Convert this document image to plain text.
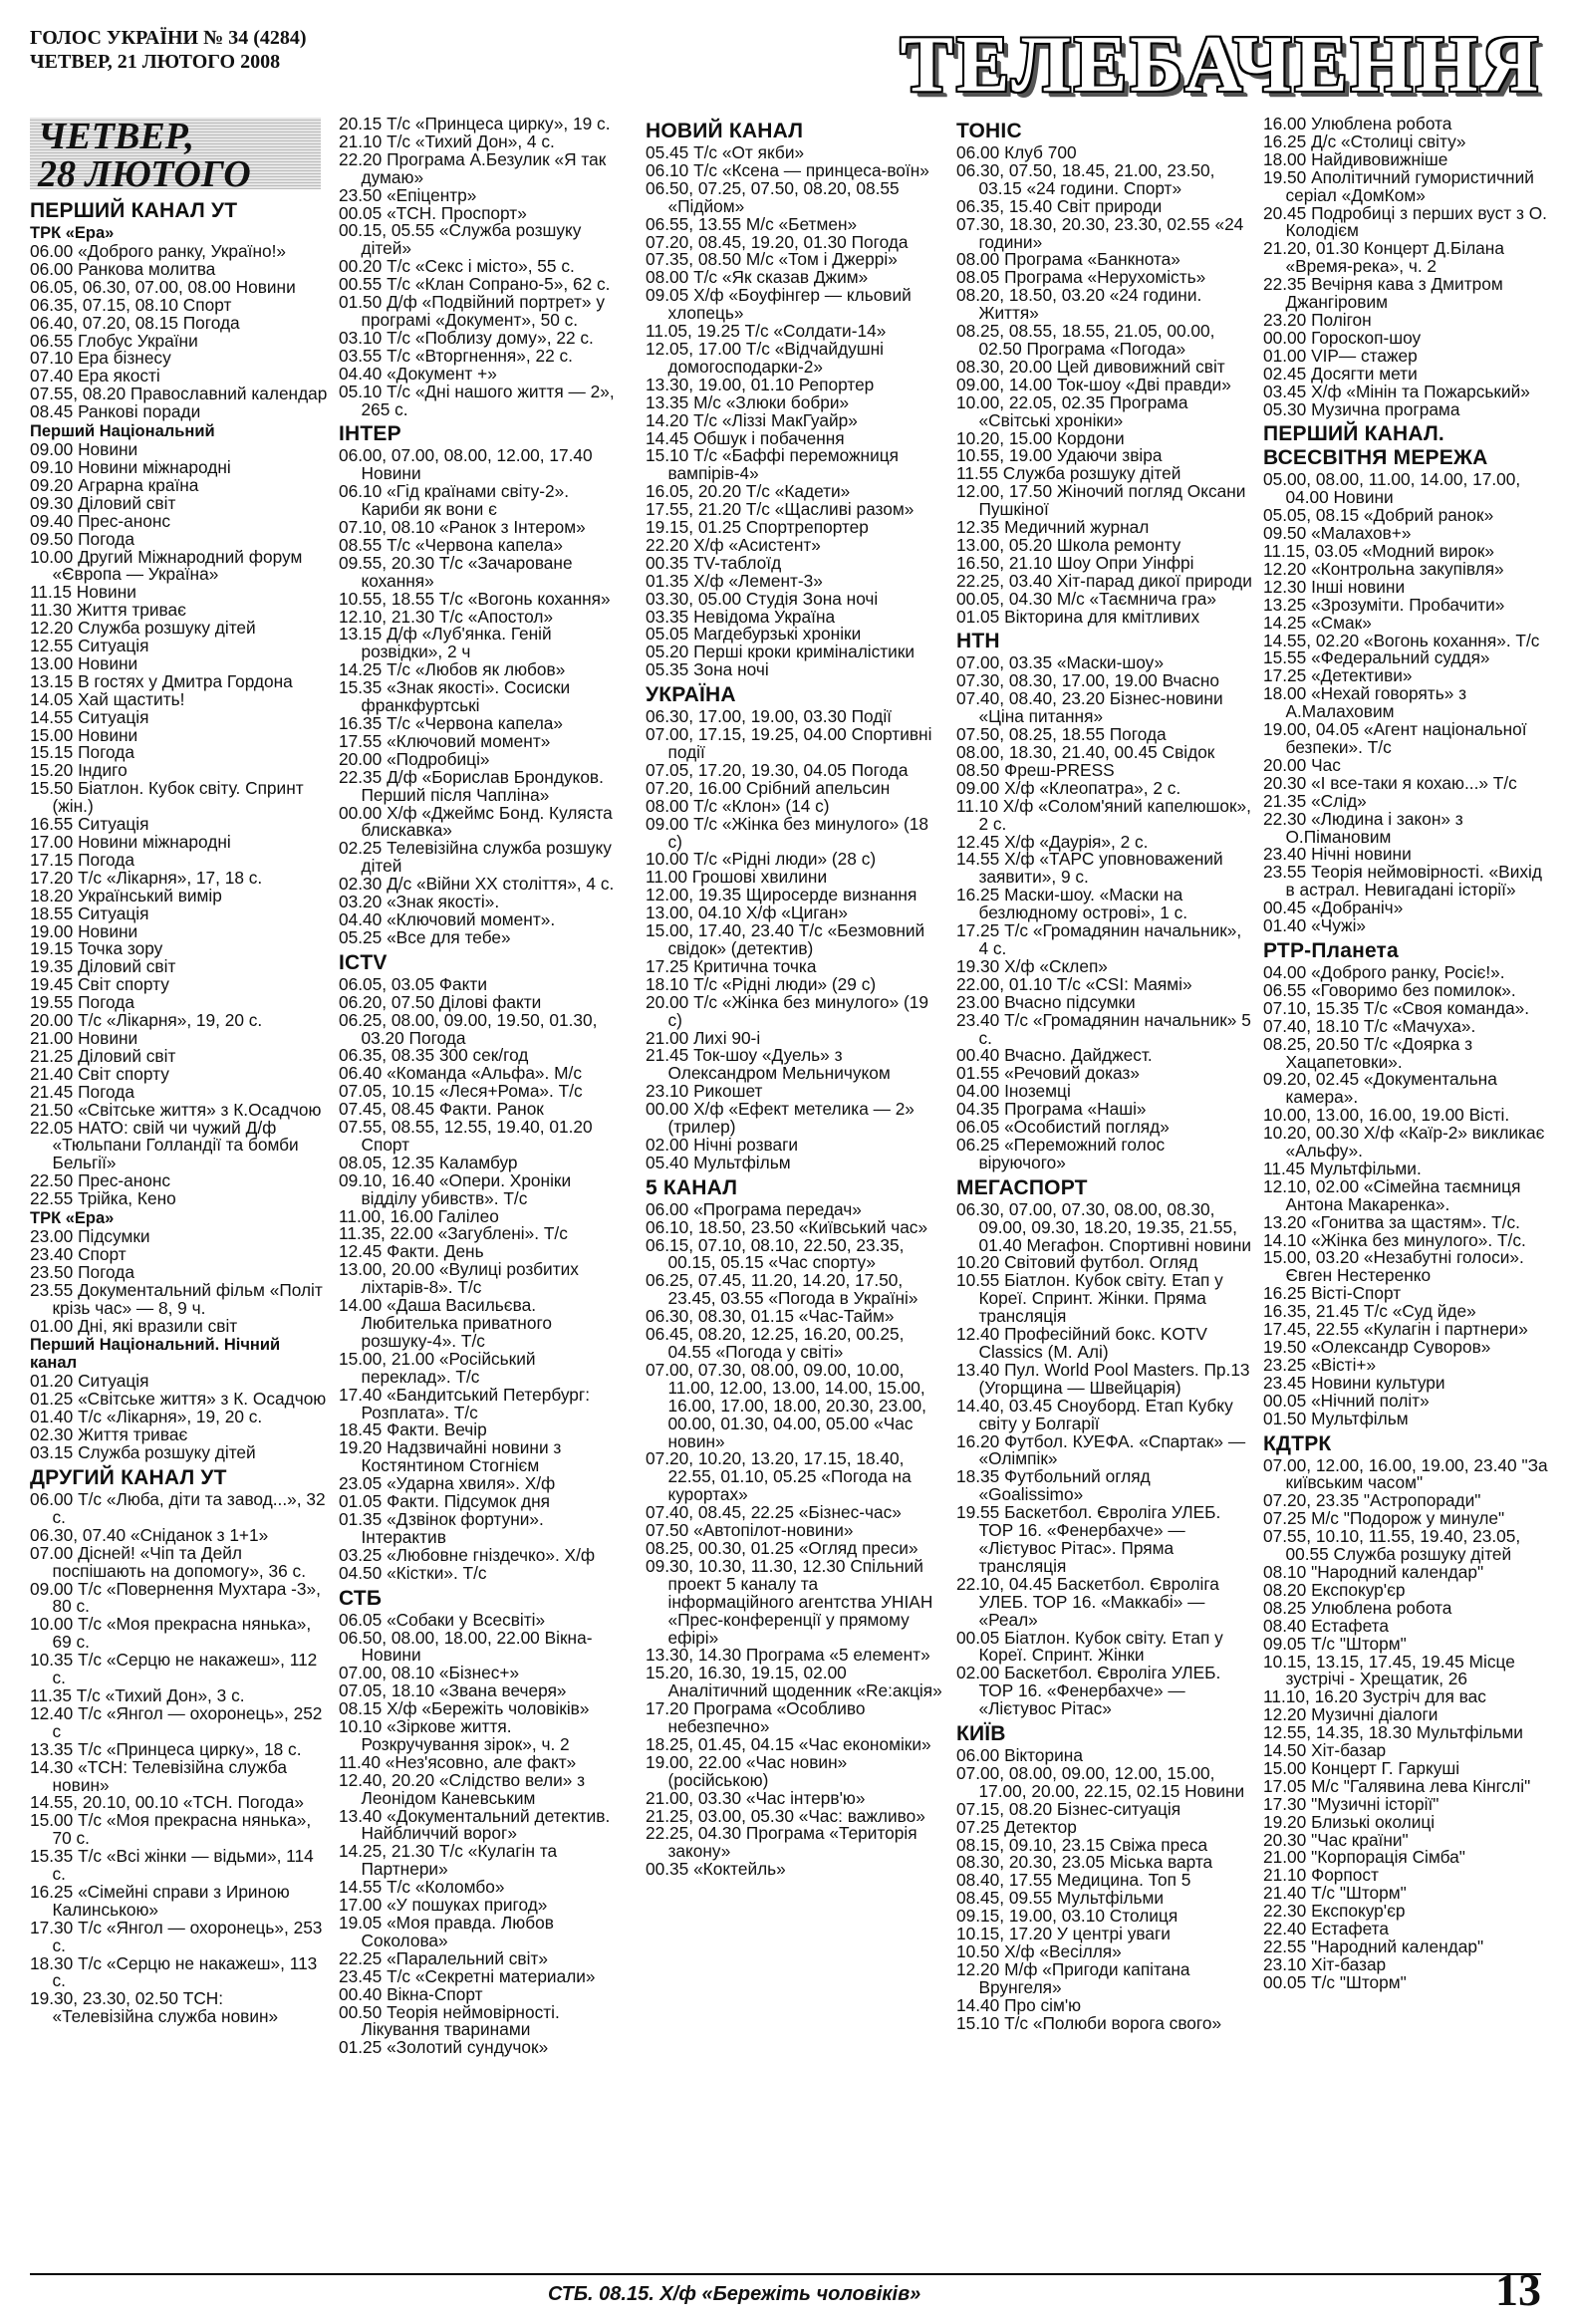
ГОЛОС УКРАЇНИ № 34 (4284)
ЧЕТВЕР, 21 ЛЮТОГО 2008	ТЕЛЕБАЧЕННЯ
ЧЕТВЕР,
28 ЛЮТОГО
ПЕРШИЙ КАНАЛ УТ
ТРК «Ера»
06.00 «Доброго ранку, Україно!»
06.00 Ранкова молитва
06.05, 06.30, 07.00, 08.00 Новини
06.35, 07.15, 08.10 Спорт
06.40, 07.20, 08.15 Погода
06.55 Глобус України
07.10 Ера бізнесу
07.40 Ера якості
07.55, 08.20 Православний календар
08.45 Ранкові поради
Перший Національний
09.00 Новини
09.10 Новини міжнародні
09.20 Аграрна країна
09.30 Діловий світ
09.40 Прес-анонс
09.50 Погода
10.00 Другий Міжнародний форум «Європа — Україна»
11.15 Новини
11.30 Життя триває
12.20 Служба розшуку дітей
12.55 Ситуація
13.00 Новини
13.15 В гостях у Дмитра Гордона
14.05 Хай щастить!
14.55 Ситуація
15.00 Новини
15.15 Погода
15.20 Індиго
15.50 Біатлон. Кубок світу. Спринт (жін.)
16.55 Ситуація
17.00 Новини міжнародні
17.15 Погода
17.20 Т/с «Лікарня», 17, 18 с.
18.20 Український вимір
18.55 Ситуація
19.00 Новини
19.15 Точка зору
19.35 Діловий світ
19.45 Світ спорту
19.55 Погода
20.00 Т/с «Лікарня», 19, 20 с.
21.00 Новини
21.25 Діловий світ
21.40 Світ спорту
21.45 Погода
21.50 «Світське життя» з К.Осадчою
22.05 НАТО: свій чи чужий Д/ф «Тюльпани Голландії та бомби Бельгії»
22.50 Прес-анонс
22.55 Трійка, Кено
ТРК «Ера»
23.00 Підсумки
23.40 Спорт
23.50 Погода
23.55 Документальний фільм «Політ крізь час» — 8, 9 ч.
01.00 Дні, які вразили світ
Перший Національний. Нічний канал
01.20 Ситуація
01.25 «Світське життя» з К. Осадчою
01.40 Т/с «Лікарня», 19, 20 с.
02.30 Життя триває
03.15 Служба розшуку дітей
ДРУГИЙ КАНАЛ УТ
06.00 Т/с «Люба, діти та завод...», 32 с.
06.30, 07.40 «Сніданок з 1+1»
07.00 Дісней! «Чіп та Дейл поспішають на допомогу», 36 с.
09.00 Т/с «Повернення Мухтара -3», 80 с.
10.00 Т/с «Моя прекрасна нянька», 69 с.
10.35 Т/с «Серцю не накажеш», 112 с.
11.35 Т/с «Тихий Дон», 3 с.
12.40 Т/с «Янгол — охоронець», 252 с
13.35 Т/с «Принцеса цирку», 18 с.
14.30 «ТСН: Телевізійна служба новин»
14.55, 20.10, 00.10 «ТСН. Погода»
15.00 Т/с «Моя прекрасна нянька», 70 с.
15.35 Т/с «Всі жінки — відьми», 114 с.
16.25 «Сімейні справи з Ириною Калинською»
17.30 Т/с «Янгол — охоронець», 253 с.
18.30 Т/с «Серцю не накажеш», 113 с.
19.30, 23.30, 02.50 ТСН: «Телевізійна служба новин»
20.15 Т/с «Принцеса цирку», 19 с.
21.10 Т/с «Тихий Дон», 4 с.
22.20 Програма А.Безулик «Я так думаю»
23.50 «Епіцентр»
00.05 «ТСН. Проспорт»
00.15, 05.55 «Служба розшуку дітей»
00.20 Т/с «Секс і місто», 55 с.
00.55 Т/с «Клан Сопрано-5», 62 с.
01.50 Д/ф «Подвійний портрет» у програмі «Документ», 50 с.
03.10 Т/с «Поблизу дому», 22 с.
03.55 Т/с «Вторгнення», 22 с.
04.40 «Документ +»
05.10 Т/с «Дні нашого життя — 2», 265 с.
ІНТЕР
06.00, 07.00, 08.00, 12.00, 17.40 Новини
06.10 «Гід країнами світу-2». Кариби як вони є
07.10, 08.10 «Ранок з Інтером»
08.55 Т/с «Червона капела»
09.55, 20.30 Т/с «Зачароване кохання»
10.55, 18.55 Т/с «Вогонь кохання»
12.10, 21.30 Т/с «Апостол»
13.15 Д/ф «Луб'янка. Геній розвідки», 2 ч
14.25 Т/с «Любов як любов»
15.35 «Знак якості». Сосиски франкфуртські
16.35 Т/с «Червона капела»
17.55 «Ключовий момент»
20.00 «Подробиці»
22.35 Д/ф «Борислав Брондуков. Перший після Чапліна»
00.00 Х/ф «Джеймс Бонд. Куляста блискавка»
02.25 Телевізійна служба розшуку дітей
02.30 Д/с «Війни ХХ століття», 4 с.
03.20 «Знак якості».
04.40 «Ключовий момент».
05.25 «Все для тебе»
ICTV
06.05, 03.05 Факти
06.20, 07.50 Ділові факти
06.25, 08.00, 09.00, 19.50, 01.30, 03.20 Погода
06.35, 08.35 300 сек/год
06.40 «Команда «Альфа». М/с
07.05, 10.15 «Леся+Рома». Т/с
07.45, 08.45 Факти. Ранок
07.55, 08.55, 12.55, 19.40, 01.20 Спорт
08.05, 12.35 Каламбур
09.10, 16.40 «Опери. Хроніки відділу убивств». Т/с
11.00, 16.00 Галілео
11.35, 22.00 «Загублені». Т/с
12.45 Факти. День
13.00, 20.00 «Вулиці розбитих ліхтарів-8». Т/с
14.00 «Даша Васильєва. Любителька приватного розшуку-4». Т/с
15.00, 21.00 «Російський переклад». Т/с
17.40 «Бандитський Петербург: Розплата». Т/с
18.45 Факти. Вечір
19.20 Надзвичайні новини з Костянтином Стогнієм
23.05 «Ударна хвиля». Х/ф
01.05 Факти. Підсумок дня
01.35 «Дзвінок фортуни». Інтерактив
03.25 «Любовне гніздечко». Х/ф
04.50 «Кістки». Т/с
СТБ
06.05 «Собаки у Всесвіті»
06.50, 08.00, 18.00, 22.00 Вікна-Новини
07.00, 08.10 «Бізнес+»
07.05, 18.10 «Звана вечеря»
08.15 Х/ф «Бережіть чоловіків»
10.10 «Зіркове життя. Розкручування зірок», ч. 2
11.40 «Нез'ясовно, але факт»
12.40, 20.20 «Слідство вели» з Леонідом Каневським
13.40 «Документальний детектив. Найбличчий ворог»
14.25, 21.30 Т/с «Кулагін та Партнери»
14.55 Т/с «Коломбо»
17.00 «У пошуках пригод»
19.05 «Моя правда. Любов Соколова»
22.25 «Паралельний світ»
23.45 Т/с «Секретні материали»
00.40 Вікна-Спорт
00.50 Теорія неймовірності. Лікування тваринами
01.25 «Золотий сундучок»
НОВИЙ КАНАЛ
05.45 Т/с «От якби»
06.10 Т/с «Ксена — принцеса-воїн»
06.50, 07.25, 07.50, 08.20, 08.55 «Підйом»
06.55, 13.55 М/с «Бетмен»
07.20, 08.45, 19.20, 01.30 Погода
07.35, 08.50 М/с «Том і Джеррі»
08.00 Т/с «Як сказав Джим»
09.05 Х/ф «Боуфінгер — кльовий хлопець»
11.05, 19.25 Т/с «Солдати-14»
12.05, 17.00 Т/с «Відчайдушні домогосподарки-2»
13.30, 19.00, 01.10 Репортер
13.35 М/с «Злюки бобри»
14.20 Т/с «Ліззі МакГуайр»
14.45 Обшук і побачення
15.10 Т/с «Баффі переможниця вампірів-4»
16.05, 20.20 Т/с «Кадети»
17.55, 21.20 Т/с «Щасливі разом»
19.15, 01.25 Спортрепортер
22.20 Х/ф «Асистент»
00.35 ТV-таблоїд
01.35 Х/ф «Лемент-3»
03.30, 05.00 Студія Зона ночі
03.35 Невідома Україна
05.05 Магдебурзькі хроніки
05.20 Перші кроки криміналістики
05.35 Зона ночі
УКРАЇНА
06.30, 17.00, 19.00, 03.30 Події
07.00, 17.15, 19.25, 04.00 Спортивні події
07.05, 17.20, 19.30, 04.05 Погода
07.20, 16.00 Срібний апельсин
08.00 Т/с «Клон» (14 с)
09.00 Т/с «Жінка без минулого» (18 с)
10.00 Т/с «Рідні люди» (28 с)
11.00 Грошові хвилини
12.00, 19.35 Щиросерде визнання
13.00, 04.10 Х/ф «Циган»
15.00, 17.40, 23.40 Т/с «Безмовний свідок» (детектив)
17.25 Критична точка
18.10 Т/с «Рідні люди» (29 с)
20.00 Т/с «Жінка без минулого» (19 с)
21.00 Лихі 90-і
21.45 Ток-шоу «Дуель» з Олександром Мельничуком
23.10 Рикошет
00.00 Х/ф «Ефект метелика — 2» (трилер)
02.00 Нічні розваги
05.40 Мультфільм
5 КАНАЛ
06.00 «Програма передач»
06.10, 18.50, 23.50 «Київський час»
06.15, 07.10, 08.10, 22.50, 23.35, 00.15, 05.15 «Час спорту»
06.25, 07.45, 11.20, 14.20, 17.50, 23.45, 03.55 «Погода в Україні»
06.30, 08.30, 01.15 «Час-Тайм»
06.45, 08.20, 12.25, 16.20, 00.25, 04.55 «Погода у світі»
07.00, 07.30, 08.00, 09.00, 10.00, 11.00, 12.00, 13.00, 14.00, 15.00, 16.00, 17.00, 18.00, 20.30, 23.00, 00.00, 01.30, 04.00, 05.00 «Час новин»
07.20, 10.20, 13.20, 17.15, 18.40, 22.55, 01.10, 05.25 «Погода на курортах»
07.40, 08.45, 22.25 «Бізнес-час»
07.50 «Автопілот-новини»
08.25, 00.30, 01.25 «Огляд преси»
09.30, 10.30, 11.30, 12.30 Спільний проект 5 каналу та інформаційного агентства УНІАН «Прес-конференції у прямому ефірі»
13.30, 14.30 Програма «5 елемент»
15.20, 16.30, 19.15, 02.00 Аналітичний щоденник «Re:акція»
17.20 Програма «Особливо небезпечно»
18.25, 01.45, 04.15 «Час економіки»
19.00, 22.00 «Час новин» (російською)
21.00, 03.30 «Час інтерв'ю»
21.25, 03.00, 05.30 «Час: важливо»
22.25, 04.30 Програма «Територія закону»
00.35 «Коктейль»
ТОНІС
06.00 Клуб 700
06.30, 07.50, 18.45, 21.00, 23.50, 03.15 «24 години. Спорт»
06.35, 15.40 Світ природи
07.30, 18.30, 20.30, 23.30, 02.55 «24 години»
08.00 Програма «Банкнота»
08.05 Програма «Нерухомість»
08.20, 18.50, 03.20 «24 години. Життя»
08.25, 08.55, 18.55, 21.05, 00.00, 02.50 Програма «Погода»
08.30, 20.00 Цей дивовижний світ
09.00, 14.00 Ток-шоу «Дві правди»
10.00, 22.05, 02.35 Програма «Світські хроніки»
10.20, 15.00 Кордони
10.55, 19.00 Удаючи звіра
11.55 Служба розшуку дітей
12.00, 17.50 Жіночий погляд Оксани Пушкіної
12.35 Медичний журнал
13.00, 05.20 Школа ремонту
16.50, 21.10 Шоу Опри Уінфрі
22.25, 03.40 Хіт-парад дикої природи
00.05, 04.30 М/с «Таємнича гра»
01.05 Вікторина для кмітливих
НТН
07.00, 03.35 «Маски-шоу»
07.30, 08.30, 17.00, 19.00 Вчасно
07.40, 08.40, 23.20 Бізнес-новини «Ціна питання»
07.50, 08.25, 18.55 Погода
08.00, 18.30, 21.40, 00.45 Свідок
08.50 Фреш-PRESS
09.00 Х/ф «Клеопатра», 2 с.
11.10 Х/ф «Солом'яний капелюшок», 2 с.
12.45 Х/ф «Даурія», 2 с.
14.55 Х/ф «ТАРС уповноважений заявити», 9 с.
16.25 Маски-шоу. «Маски на безлюдному острові», 1 с.
17.25 Т/с «Громадянин начальник», 4 с.
19.30 Х/ф «Склеп»
22.00, 01.10 Т/с «CSI: Маямі»
23.00 Вчасно підсумки
23.40 Т/с «Громадянин начальник» 5 с.
00.40 Вчасно. Дайджест.
01.55 «Речовий доказ»
04.00 Іноземці
04.35 Програма «Наші»
06.05 «Особистий погляд»
06.25 «Переможний голос віруючого»
МЕГАСПОРТ
06.30, 07.00, 07.30, 08.00, 08.30, 09.00, 09.30, 18.20, 19.35, 21.55, 01.40 Мегафон. Спортивні новини
10.20 Світовий футбол. Огляд
10.55 Біатлон. Кубок світу. Етап у Кореї. Спринт. Жінки. Пряма трансляція
12.40 Професійний бокс. KOTV Classics (М. Алі)
13.40 Пул. World Pool Masters. Пр.13 (Угорщина — Швейцарія)
14.40, 03.45 Сноуборд. Етап Кубку світу у Болгарії
16.20 Футбол. КУЕФА. «Спартак» — «Олімпік»
18.35 Футбольний огляд «Goalissimo»
19.55 Баскетбол. Євроліга УЛЕБ. ТОР 16. «Фенербахче» — «Лієтувос Рітас». Пряма трансляція
22.10, 04.45 Баскетбол. Євроліга УЛЕБ. ТОР 16. «Маккабі» — «Реал»
00.05 Біатлон. Кубок світу. Етап у Кореї. Спринт. Жінки
02.00 Баскетбол. Євроліга УЛЕБ. ТОР 16. «Фенербахче» — «Лієтувос Рітас»
КИЇВ
06.00 Вікторина
07.00, 08.00, 09.00, 12.00, 15.00, 17.00, 20.00, 22.15, 02.15 Новини
07.15, 08.20 Бізнес-ситуація
07.25 Детектор
08.15, 09.10, 23.15 Свіжа преса
08.30, 20.30, 23.05 Міська варта
08.40, 17.55 Медицина. Топ 5
08.45, 09.55 Мультфільми
09.15, 19.00, 03.10 Столиця
10.15, 17.20 У центрі уваги
10.50 Х/ф «Весілля»
12.20 М/ф «Пригоди капітана Врунгеля»
14.40 Про сім'ю
15.10 Т/с «Полюби ворога свого»
16.00 Улюблена робота
16.25 Д/с «Столиці світу»
18.00 Найдивовижніше
19.50 Аполітичний гумористичний серіал «ДомКом»
20.45 Подробиці з перших вуст з О. Колодієм
21.20, 01.30 Концерт Д.Білана «Время-река», ч. 2
22.35 Вечірня кава з Дмитром Джангіровим
23.20 Полігон
00.00 Гороскоп-шоу
01.00 VIP— стажер
02.45 Досягти мети
03.45 Х/ф «Мінін та Пожарський»
05.30 Музична програма
ПЕРШИЙ КАНАЛ. ВСЕСВІТНЯ МЕРЕЖА
05.00, 08.00, 11.00, 14.00, 17.00, 04.00 Новини
05.05, 08.15 «Добрий ранок»
09.50 «Малахов+»
11.15, 03.05 «Модний вирок»
12.20 «Контрольна закупівля»
12.30 Інші новини
13.25 «Зрозуміти. Пробачити»
14.25 «Смак»
14.55, 02.20 «Вогонь кохання». Т/с
15.55 «Федеральний суддя»
17.25 «Детективи»
18.00 «Нехай говорять» з А.Малаховим
19.00, 04.05 «Агент національної безпеки». Т/с
20.00 Час
20.30 «І все-таки я кохаю...» Т/с
21.35 «Слід»
22.30 «Людина і закон» з О.Пімановим
23.40 Нічні новини
23.55 Теорія неймовірності. «Вихід в астрал. Невигадані історії»
00.45 «Добраніч»
01.40 «Чужі»
РТР-Планета
04.00 «Доброго ранку, Росіє!».
06.55 «Говоримо без помилок».
07.10, 15.35 Т/с «Своя команда».
07.40, 18.10 Т/с «Мачуха».
08.25, 20.50 Т/с «Доярка з Хацапетовки».
09.20, 02.45 «Документальна камера».
10.00, 13.00, 16.00, 19.00 Вісті.
10.20, 00.30 Х/ф «Каїр-2» викликає «Альфу».
11.45 Мультфільми.
12.10, 02.00 «Сімейна таємниця Антона Макаренка».
13.20 «Гонитва за щастям». Т/с.
14.10 «Жінка без минулого». Т/с.
15.00, 03.20 «Незабутні голоси». Євген Нестеренко
16.25 Вісті-Спорт
16.35, 21.45 Т/с «Суд йде»
17.45, 22.55 «Кулагін і партнери»
19.50 «Олександр Суворов»
23.25 «Вісті+»
23.45 Новини культури
00.05 «Нічний політ»
01.50 Мультфільм
КДТРК
07.00, 12.00, 16.00, 19.00, 23.40 "За київським часом"
07.20, 23.35 "Астропоради"
07.25 М/с "Подорож у минуле"
07.55, 10.10, 11.55, 19.40, 23.05, 00.55 Служба розшуку дітей
08.10 "Народний календар"
08.20 Експокур'єр
08.25 Улюблена робота
08.40 Естафета
09.05 Т/с "Шторм"
10.15, 13.15, 17.45, 19.45 Місце зустрічі - Хрещатик, 26
11.10, 16.20 Зустріч для вас
12.20 Музичні діалоги
12.55, 14.35, 18.30 Мультфільми
14.50 Хіт-базар
15.00 Концерт Г. Гаркуші
17.05 М/с "Галявина лева Кінгслі"
17.30 "Музичні історії"
19.20 Близькі околиці
20.30 "Час країни"
21.00 "Корпорація Сімба"
21.10 Форпост
21.40 Т/с "Шторм"
22.30 Експокур'єр
22.40 Естафета
22.55 "Народний календар"
23.10 Хіт-базар
00.05 Т/с "Шторм"
СТБ. 08.15. Х/ф «Бережіть чоловіків»	13
